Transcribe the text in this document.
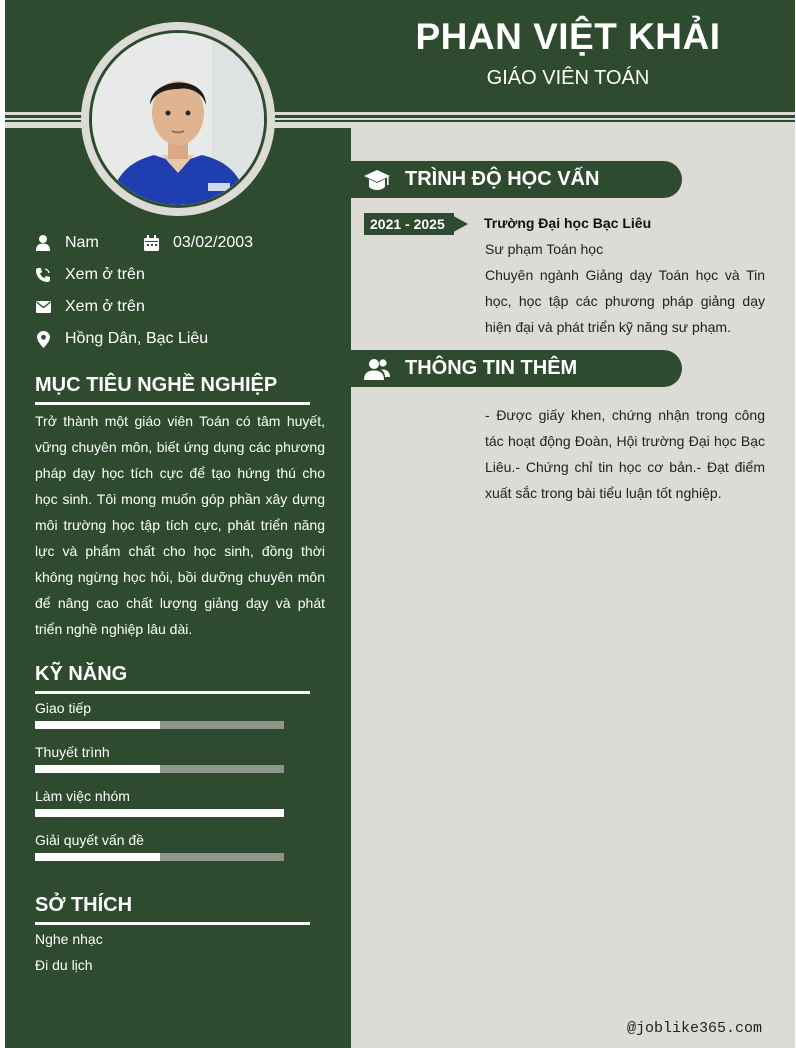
PHAN VIỆT KHẢI
GIÁO VIÊN TOÁN
Nam	03/02/2003
Xem ở trên
Xem ở trên
Hồng Dân, Bạc Liêu
MỤC TIÊU NGHỀ NGHIỆP
Trở thành một giáo viên Toán có tâm huyết, vững chuyên môn, biết ứng dụng các phương pháp dạy học tích cực để tạo hứng thú cho học sinh. Tôi mong muốn góp phần xây dựng môi trường học tập tích cực, phát triển năng lực và phẩm chất cho học sinh, đồng thời không ngừng học hỏi, bồi dưỡng chuyên môn để nâng cao chất lượng giảng dạy và phát triển nghề nghiệp lâu dài.
KỸ NĂNG
Giao tiếp
Thuyết trình
Làm việc nhóm
Giải quyết vấn đề
SỞ THÍCH
Nghe nhạc
Đi du lịch
TRÌNH ĐỘ HỌC VẤN
2021 - 2025	Trường Đại học Bạc Liêu
Sư phạm Toán học
Chuyên ngành Giảng dạy Toán học và Tin học, học tập các phương pháp giảng dạy hiện đại và phát triển kỹ năng sư phạm.
THÔNG TIN THÊM
- Được giấy khen, chứng nhận trong công tác hoạt động Đoàn, Hội trường Đại học Bạc Liêu.- Chứng chỉ tin học cơ bản.- Đạt điểm xuất sắc trong bài tiểu luận tốt nghiệp.
@joblike365.com
